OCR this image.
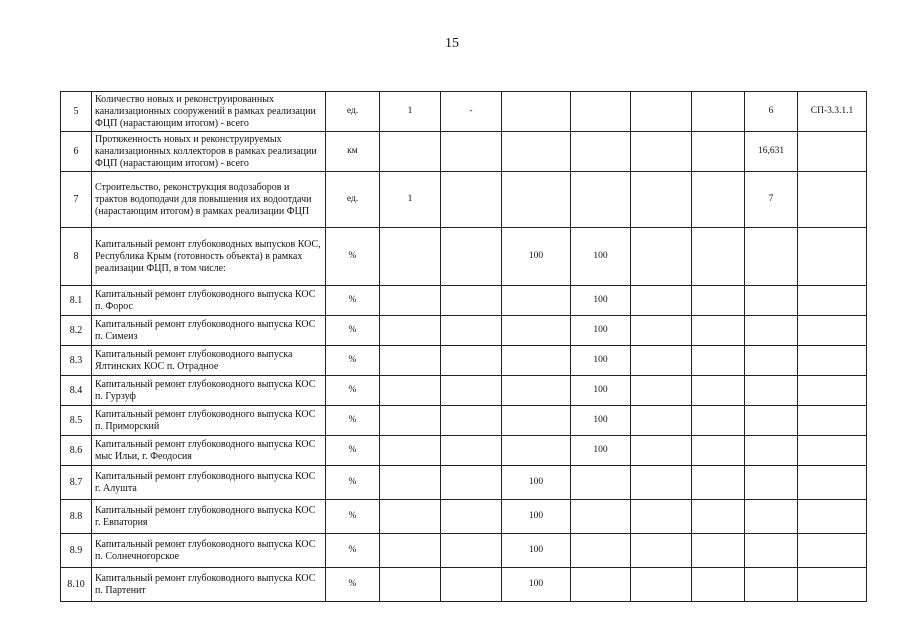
15
5	Количество новых и реконструированных канализационных сооружений в рамках реализации ФЦП (нарастающим итогом) - всего	ед.	1	-					6	СП-3.3.1.1
6	Протяженность новых и реконструируемых канализационных коллекторов в рамках реализации ФЦП (нарастающим итогом) - всего	км							16,631	
7	Строительство, реконструкция водозаборов и трактов водоподачи для повышения их водоотдачи (нарастающим итогом) в рамках реализации ФЦП	ед.	1						7	
8	Капитальный ремонт глубоководных выпусков КОС, Республика Крым (готовность объекта) в рамках реализации ФЦП, в том числе:	%			100	100				
8.1	Капитальный ремонт глубоководного выпуска КОС п. Форос	%				100				
8.2	Капитальный ремонт глубоководного выпуска КОС п. Симеиз	%				100				
8.3	Капитальный ремонт глубоководного выпуска Ялтинских КОС п. Отрадное	%				100				
8.4	Капитальный ремонт глубоководного выпуска КОС п. Гурзуф	%				100				
8.5	Капитальный ремонт глубоководного выпуска КОС п. Приморский	%				100				
8.6	Капитальный ремонт глубоководного выпуска КОС мыс Ильи, г. Феодосия	%				100				
8.7	Капитальный ремонт глубоководного выпуска КОС г. Алушта	%			100					
8.8	Капитальный ремонт глубоководного выпуска КОС г. Евпатория	%			100					
8.9	Капитальный ремонт глубоководного выпуска КОС п. Солнечногорское	%			100					
8.10	Капитальный ремонт глубоководного выпуска КОС п. Партенит	%			100					
